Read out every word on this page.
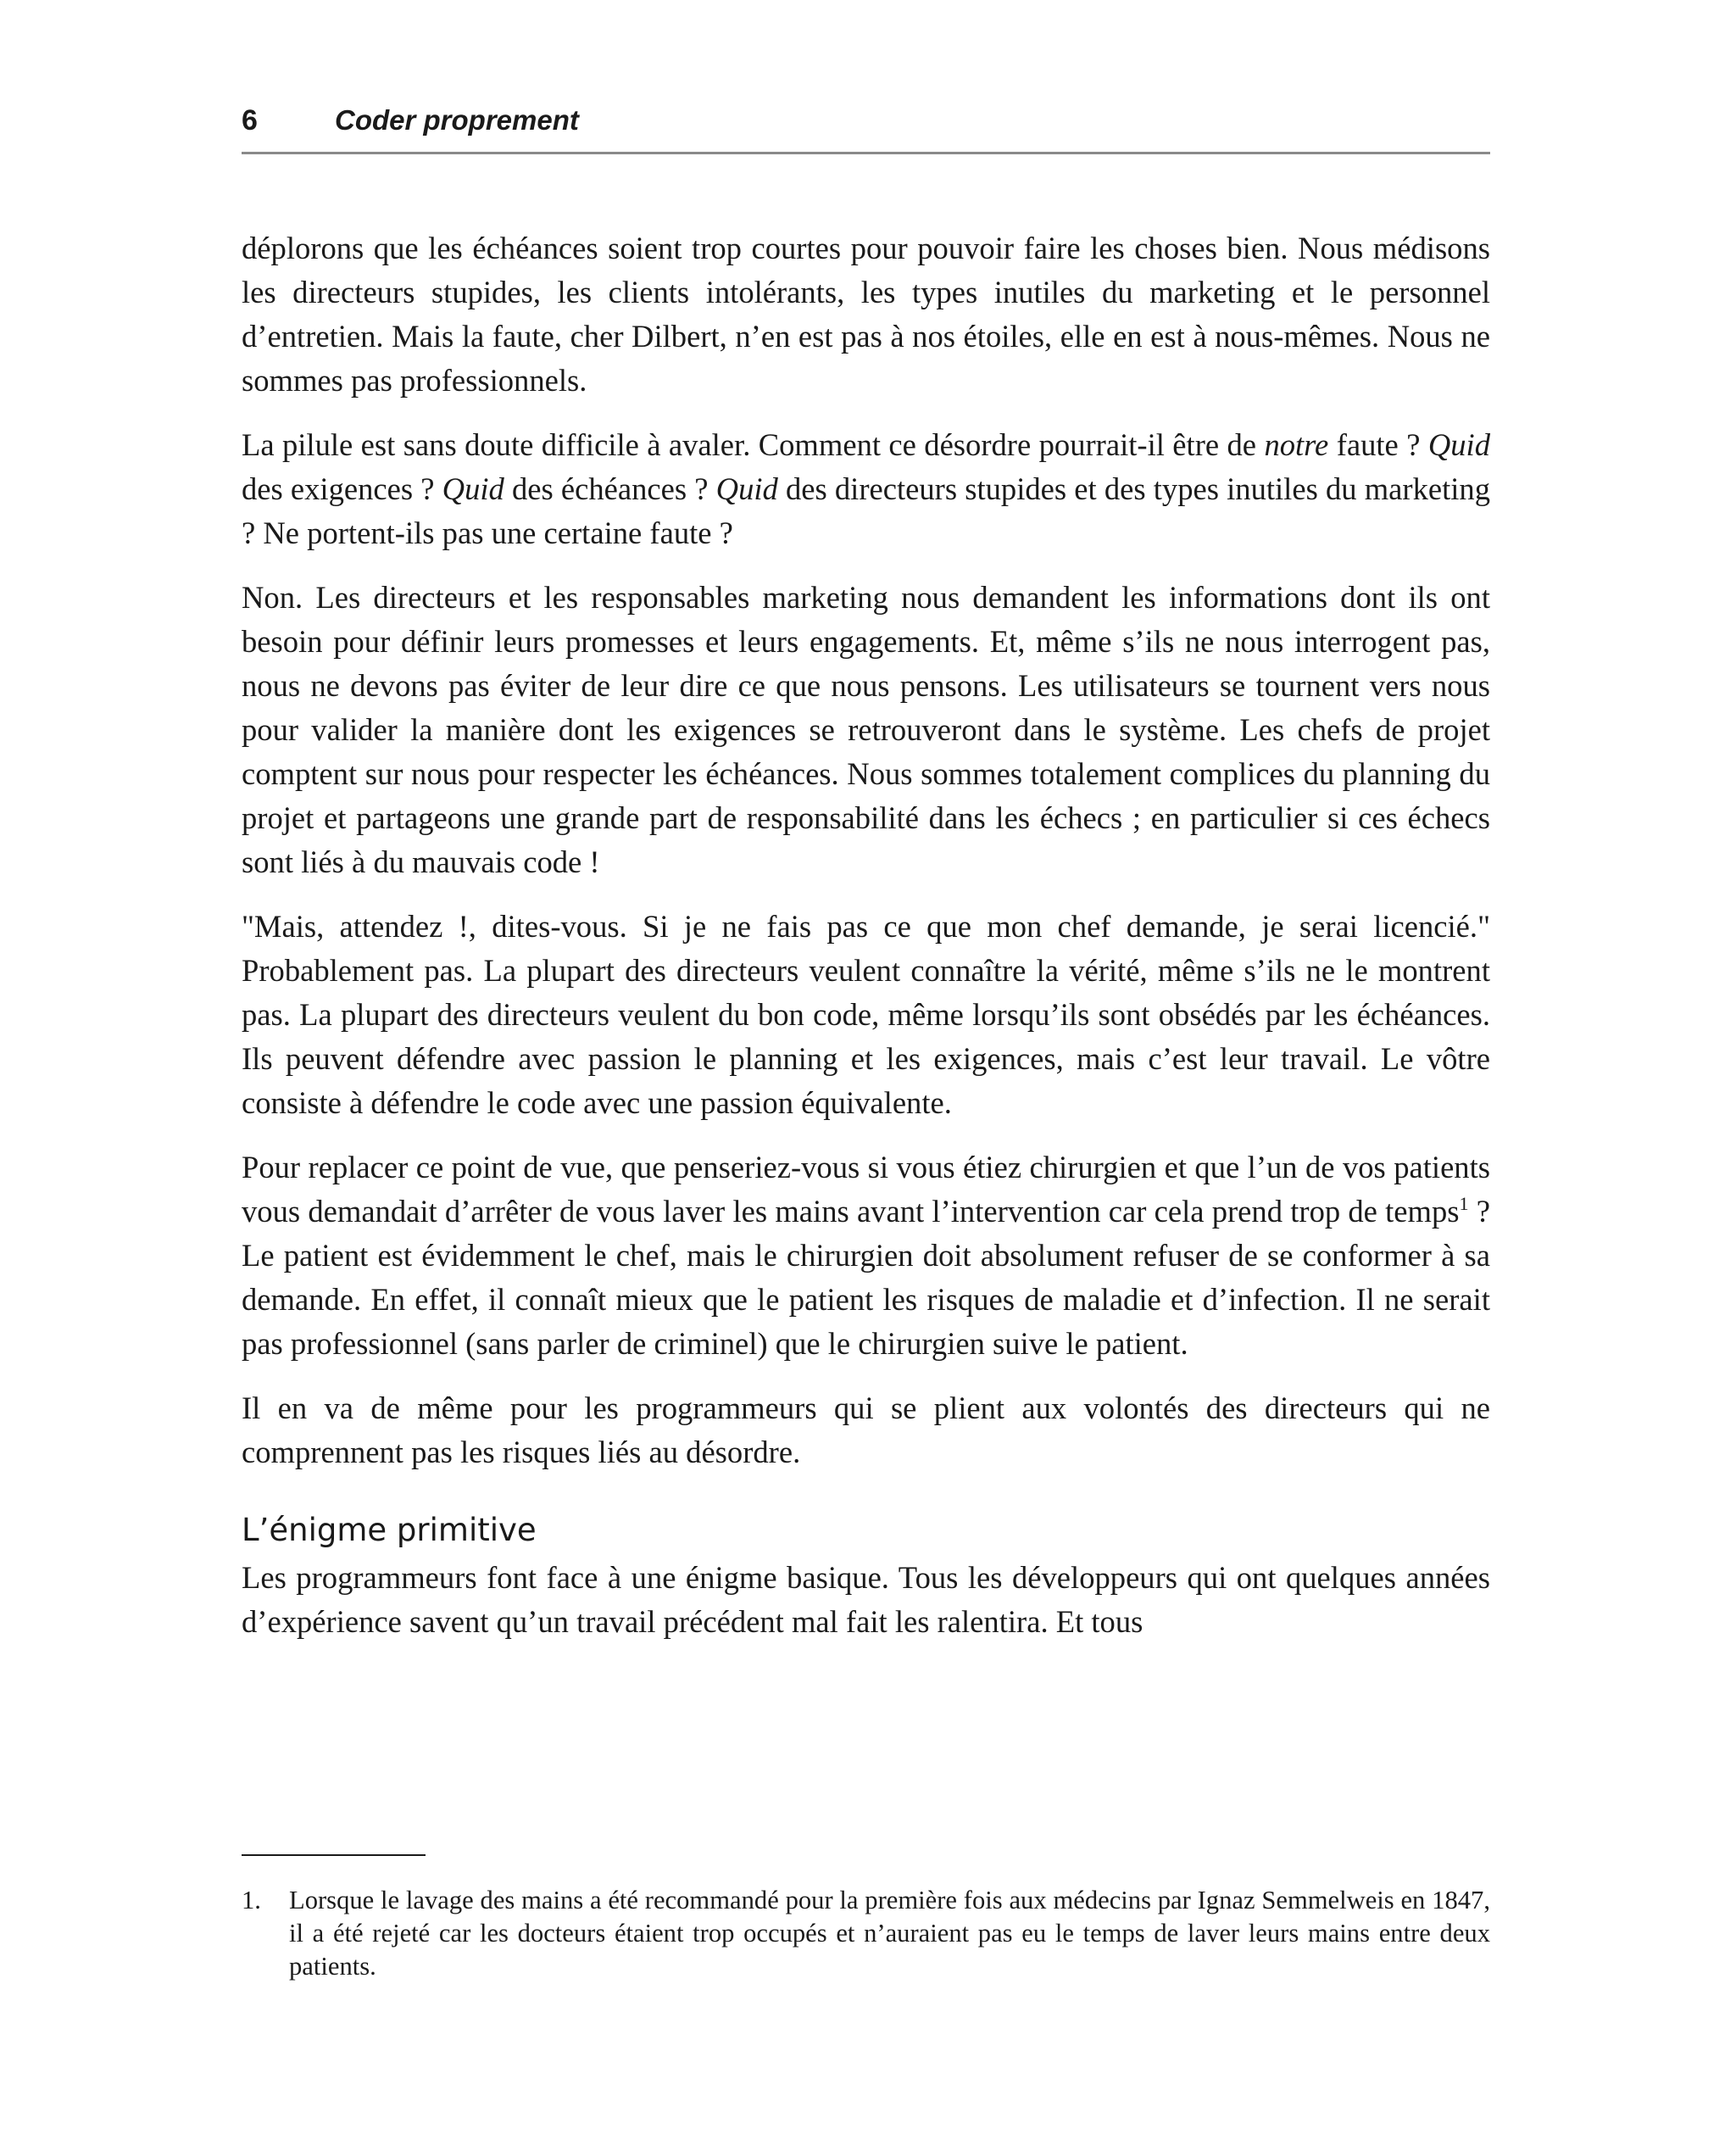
6	Coder proprement

déplorons que les échéances soient trop courtes pour pouvoir faire les choses bien. Nous médisons les directeurs stupides, les clients intolérants, les types inutiles du marketing et le personnel d’entretien. Mais la faute, cher Dilbert, n’en est pas à nos étoiles, elle en est à nous-mêmes. Nous ne sommes pas professionnels.

La pilule est sans doute difficile à avaler. Comment ce désordre pourrait-il être de notre faute ? Quid des exigences ? Quid des échéances ? Quid des directeurs stupides et des types inutiles du marketing ? Ne portent-ils pas une certaine faute ?

Non. Les directeurs et les responsables marketing nous demandent les informations dont ils ont besoin pour définir leurs promesses et leurs engagements. Et, même s’ils ne nous interrogent pas, nous ne devons pas éviter de leur dire ce que nous pensons. Les utilisateurs se tournent vers nous pour valider la manière dont les exigences se retrouveront dans le système. Les chefs de projet comptent sur nous pour respecter les échéances. Nous sommes totalement complices du planning du projet et partageons une grande part de responsabilité dans les échecs ; en particulier si ces échecs sont liés à du mauvais code !

"Mais, attendez !, dites-vous. Si je ne fais pas ce que mon chef demande, je serai licencié." Probablement pas. La plupart des directeurs veulent connaître la vérité, même s’ils ne le montrent pas. La plupart des directeurs veulent du bon code, même lorsqu’ils sont obsédés par les échéances. Ils peuvent défendre avec passion le planning et les exigences, mais c’est leur travail. Le vôtre consiste à défendre le code avec une passion équivalente.

Pour replacer ce point de vue, que penseriez-vous si vous étiez chirurgien et que l’un de vos patients vous demandait d’arrêter de vous laver les mains avant l’intervention car cela prend trop de temps$^1$ ? Le patient est évidemment le chef, mais le chirurgien doit absolument refuser de se conformer à sa demande. En effet, il connaît mieux que le patient les risques de maladie et d’infection. Il ne serait pas professionnel (sans parler de criminel) que le chirurgien suive le patient.

Il en va de même pour les programmeurs qui se plient aux volontés des directeurs qui ne comprennent pas les risques liés au désordre.

L’énigme primitive

Les programmeurs font face à une énigme basique. Tous les développeurs qui ont quelques années d’expérience savent qu’un travail précédent mal fait les ralentira. Et tous

1.	Lorsque le lavage des mains a été recommandé pour la première fois aux médecins par Ignaz Semmelweis en 1847, il a été rejeté car les docteurs étaient trop occupés et n’auraient pas eu le temps de laver leurs mains entre deux patients.
